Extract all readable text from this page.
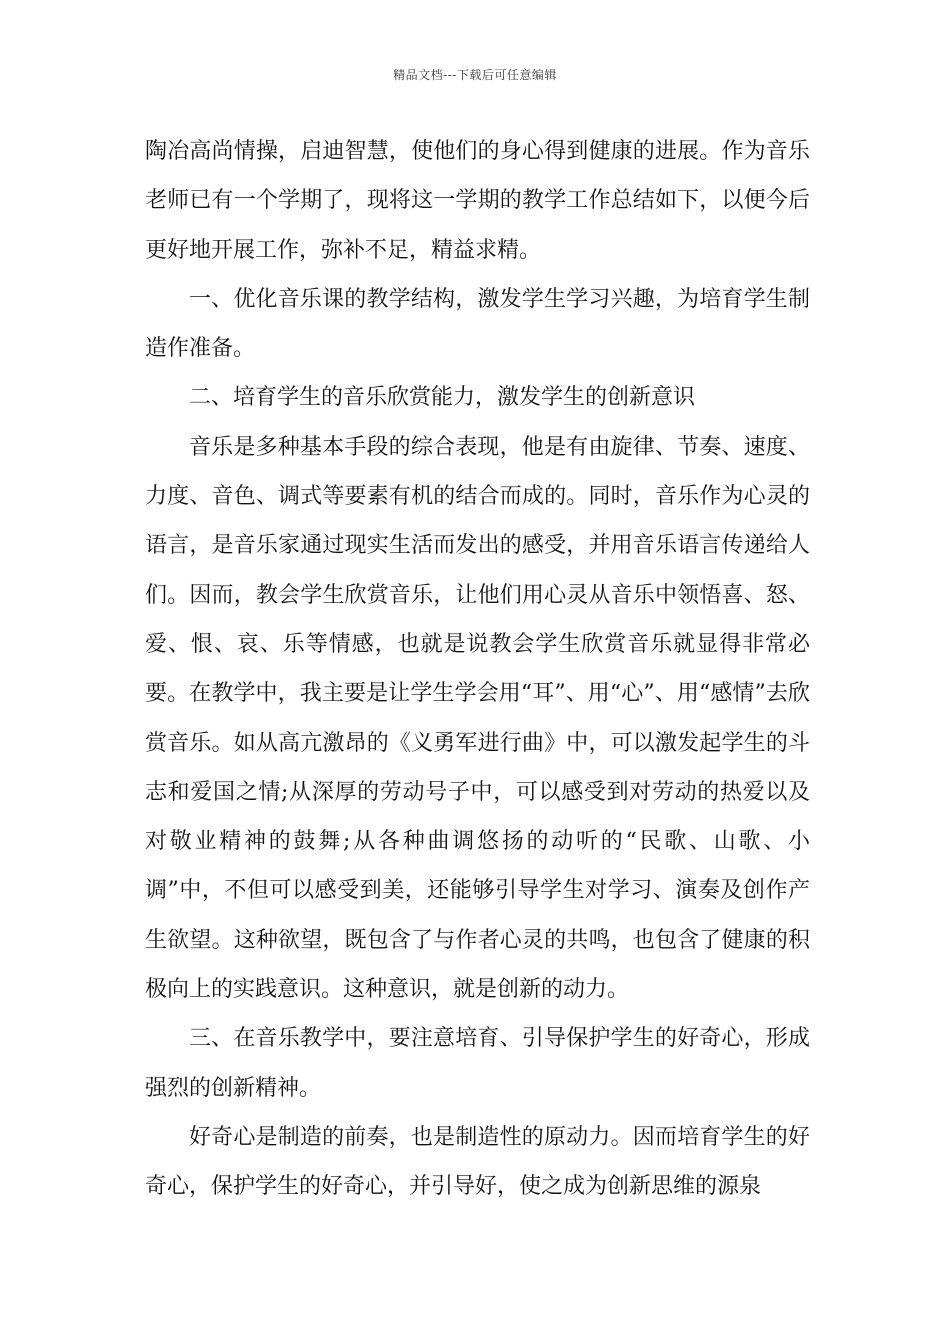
精品文档---下载后可任意编辑

陶冶高尚情操，启迪智慧，使他们的身心得到健康的进展。作为音乐老师已有一个学期了，现将这一学期的教学工作总结如下，以便今后更好地开展工作，弥补不足，精益求精。

一、优化音乐课的教学结构，激发学生学习兴趣，为培育学生制造作准备。

二、培育学生的音乐欣赏能力，激发学生的创新意识

音乐是多种基本手段的综合表现，他是有由旋律、节奏、速度、力度、音色、调式等要素有机的结合而成的。同时，音乐作为心灵的语言，是音乐家通过现实生活而发出的感受，并用音乐语言传递给人们。因而，教会学生欣赏音乐，让他们用心灵从音乐中领悟喜、怒、爱、恨、哀、乐等情感，也就是说教会学生欣赏音乐就显得非常必要。在教学中，我主要是让学生学会用“耳”、用“心”、用“感情”去欣赏音乐。如从高亢激昂的《义勇军进行曲》中，可以激发起学生的斗志和爱国之情;从深厚的劳动号子中，可以感受到对劳动的热爱以及对敬业精神的鼓舞;从各种曲调悠扬的动听的“民歌、山歌、小调”中，不但可以感受到美，还能够引导学生对学习、演奏及创作产生欲望。这种欲望，既包含了与作者心灵的共鸣，也包含了健康的积极向上的实践意识。这种意识，就是创新的动力。

三、在音乐教学中，要注意培育、引导保护学生的好奇心，形成强烈的创新精神。

好奇心是制造的前奏，也是制造性的原动力。因而培育学生的好奇心，保护学生的好奇心，并引导好，使之成为创新思维的源泉
